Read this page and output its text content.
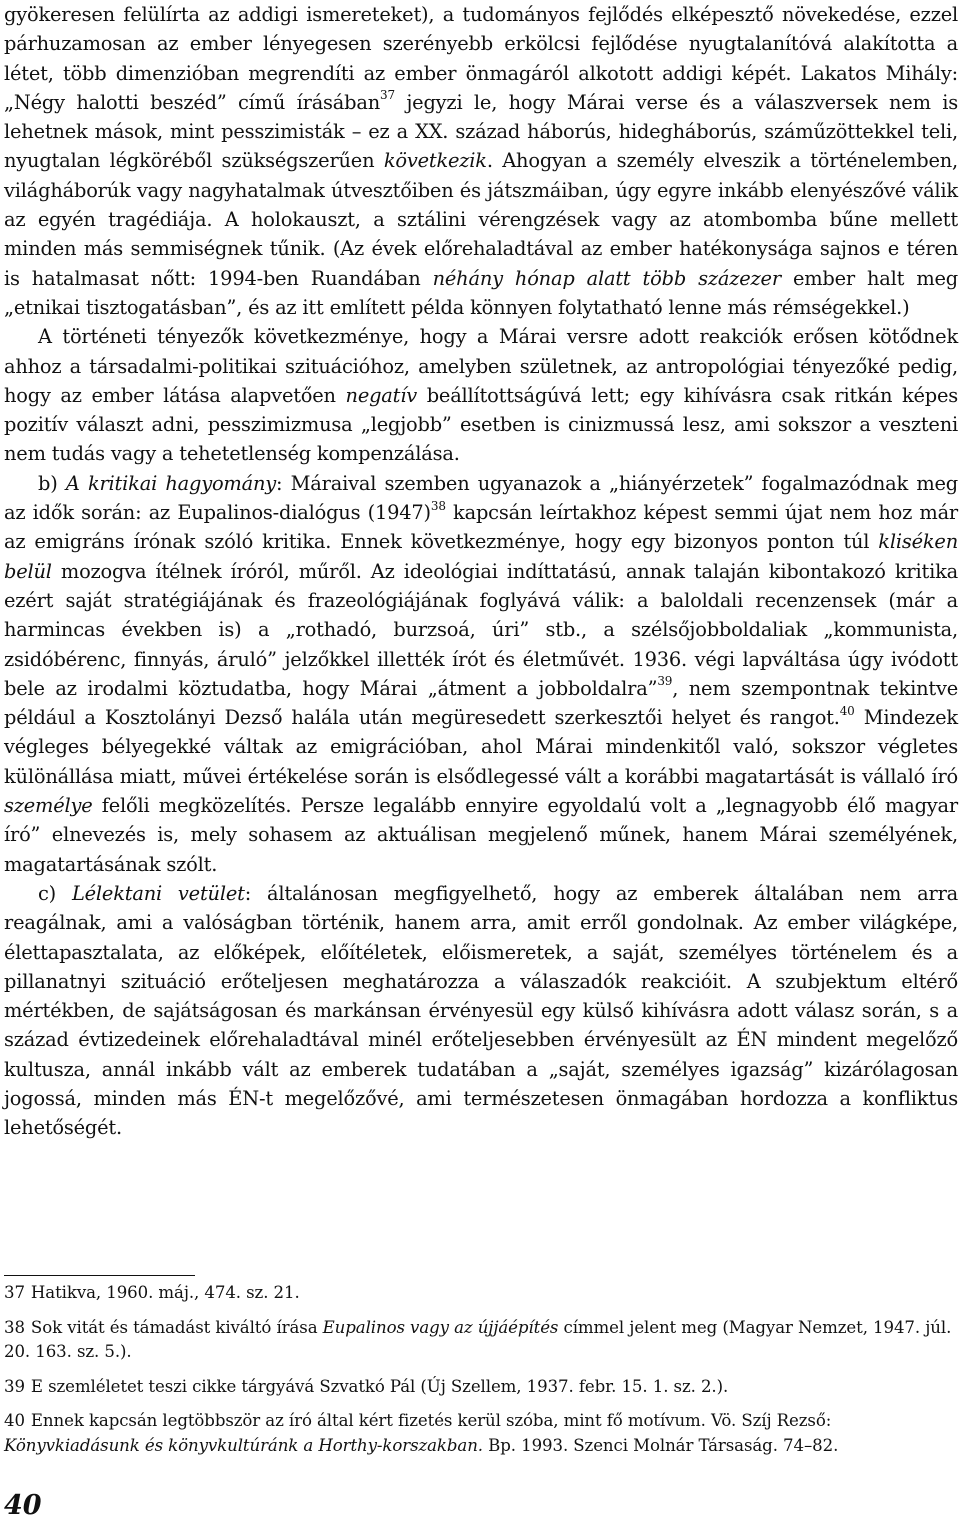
gyökeresen felülírta az addigi ismereteket), a tudományos fejlődés elképesztő növekedése, ezzel párhuzamosan az ember lényegesen szerényebb erkölcsi fejlődése nyugtalanítóvá alakította a létet, több dimenzióban megrendíti az ember önmagáról alkotott addigi képét. Lakatos Mihály: „Négy halotti beszéd” című írásában$^{37}$ jegyzi le, hogy Márai verse és a válaszversek nem is lehetnek mások, mint pesszimisták – ez a XX. század háborús, hidegháborús, száműzöttekkel teli, nyugtalan légköréből szükségszerűen következik. Ahogyan a személy elveszik a történelemben, világháborúk vagy nagyhatalmak útvesztőiben és játszmáiban, úgy egyre inkább elenyészővé válik az egyén tragédiája. A holokauszt, a sztálini vérengzések vagy az atombomba bűne mellett minden más semmiségnek tűnik. (Az évek előrehaladtával az ember hatékonysága sajnos e téren is hatalmasat nőtt: 1994-ben Ruandában néhány hónap alatt több százezer ember halt meg „etnikai tisztogatásban”, és az itt említett példa könnyen folytatható lenne más rémségekkel.)

A történeti tényezők következménye, hogy a Márai versre adott reakciók erősen kötődnek ahhoz a társadalmi-politikai szituációhoz, amelyben születnek, az antropológiai tényezőké pedig, hogy az ember látása alapvetően negatív beállítottságúvá lett; egy kihívásra csak ritkán képes pozitív választ adni, pesszimizmusa „legjobb” esetben is cinizmussá lesz, ami sokszor a veszteni nem tudás vagy a tehetetlenség kompenzálása.

b) A kritikai hagyomány: Máraival szemben ugyanazok a „hiányérzetek” fogalmazódnak meg az idők során: az Eupalinos-dialógus $(1947)^{38}$ kapcsán leírtakhoz képest semmi újat nem hoz már az emigráns írónak szóló kritika. Ennek következménye, hogy egy bizonyos ponton túl kliséken belül mozogva ítélnek íróról, műről. Az ideológiai indíttatású, annak talaján kibontakozó kritika ezért saját stratégiájának és frazeológiájának foglyává válik: a baloldali recenzensek (már a harmincas években is) a „rothadó, burzsoá, úri” stb., a szélsőjobboldaliak „kommunista, zsidóbérenc, finnyás, áruló” jelzőkkel illették írót és életművét. 1936. végi lapváltása úgy ivódott bele az irodalmi köztudatba, hogy Márai „átment a jobboldalra”$^{39}$, nem szempontnak tekintve például a Kosztolányi Dezső halála után megüresedett szerkesztői helyet és rangot.$^{40}$ Mindezek végleges bélyegekké váltak az emigrációban, ahol Márai mindenkitől való, sokszor végletes különállása miatt, művei értékelése során is elsődlegessé vált a korábbi magatartását is vállaló író személye felőli megközelítés. Persze legalább ennyire egyoldalú volt a „legnagyobb élő magyar író” elnevezés is, mely sohasem az aktuálisan megjelenő műnek, hanem Márai személyének, magatartásának szólt.

c) Lélektani vetület: általánosan megfigyelhető, hogy az emberek általában nem arra reagálnak, ami a valóságban történik, hanem arra, amit erről gondolnak. Az ember világképe, élettapasztalata, az előképek, előítéletek, előismeretek, a saját, személyes történelem és a pillanatnyi szituáció erőteljesen meghatározza a válaszadók reakcióit. A szubjektum eltérő mértékben, de sajátságosan és markánsan érvényesül egy külső kihívásra adott válasz során, s a század évtizedeinek előrehaladtával minél erőteljesebben érvényesült az ÉN mindent megelőző kultusza, annál inkább vált az emberek tudatában a „saját, személyes igazság” kizárólagosan jogossá, minden más ÉN-t megelőzővé, ami természetesen önmagában hordozza a konfliktus lehetőségét.

37 Hatikva, 1960. máj., 474. sz. 21.

38 Sok vitát és támadást kiváltó írása Eupalinos vagy az újjáépítés címmel jelent meg (Magyar Nemzet, 1947. júl. 20. 163. sz. 5.).

39 E szemléletet teszi cikke tárgyává Szvatkó Pál (Új Szellem, 1937. febr. 15. 1. sz. 2.).

40 Ennek kapcsán legtöbbször az író által kért fizetés kerül szóba, mint fő motívum. Vö. Szíj Rezső: Könyvkiadásunk és könyvkultúránk a Horthy-korszakban. Bp. 1993. Szenci Molnár Társaság. 74–82.

40
